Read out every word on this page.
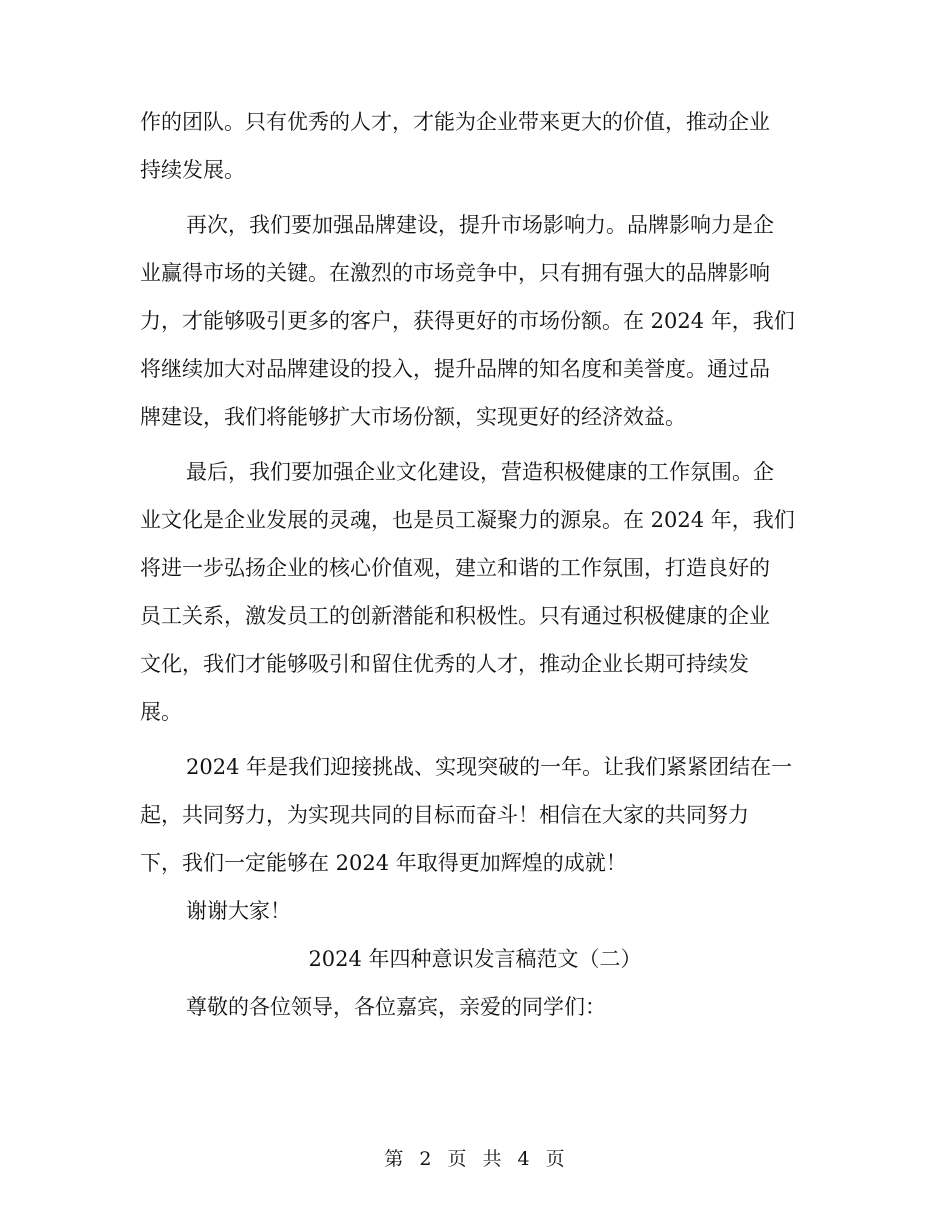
作的团队。只有优秀的人才，才能为企业带来更大的价值，推动企业
持续发展。
再次，我们要加强品牌建设，提升市场影响力。品牌影响力是企
业赢得市场的关键。在激烈的市场竞争中，只有拥有强大的品牌影响
力，才能够吸引更多的客户，获得更好的市场份额。在 2024 年，我们
将继续加大对品牌建设的投入，提升品牌的知名度和美誉度。通过品
牌建设，我们将能够扩大市场份额，实现更好的经济效益。
最后，我们要加强企业文化建设，营造积极健康的工作氛围。企
业文化是企业发展的灵魂，也是员工凝聚力的源泉。在 2024 年，我们
将进一步弘扬企业的核心价值观，建立和谐的工作氛围，打造良好的
员工关系，激发员工的创新潜能和积极性。只有通过积极健康的企业
文化，我们才能够吸引和留住优秀的人才，推动企业长期可持续发
展。
2024 年是我们迎接挑战、实现突破的一年。让我们紧紧团结在一
起，共同努力，为实现共同的目标而奋斗！相信在大家的共同努力
下，我们一定能够在 2024 年取得更加辉煌的成就！
谢谢大家！
2024 年四种意识发言稿范文（二）
尊敬的各位领导，各位嘉宾，亲爱的同学们：
第 2 页 共 4 页
